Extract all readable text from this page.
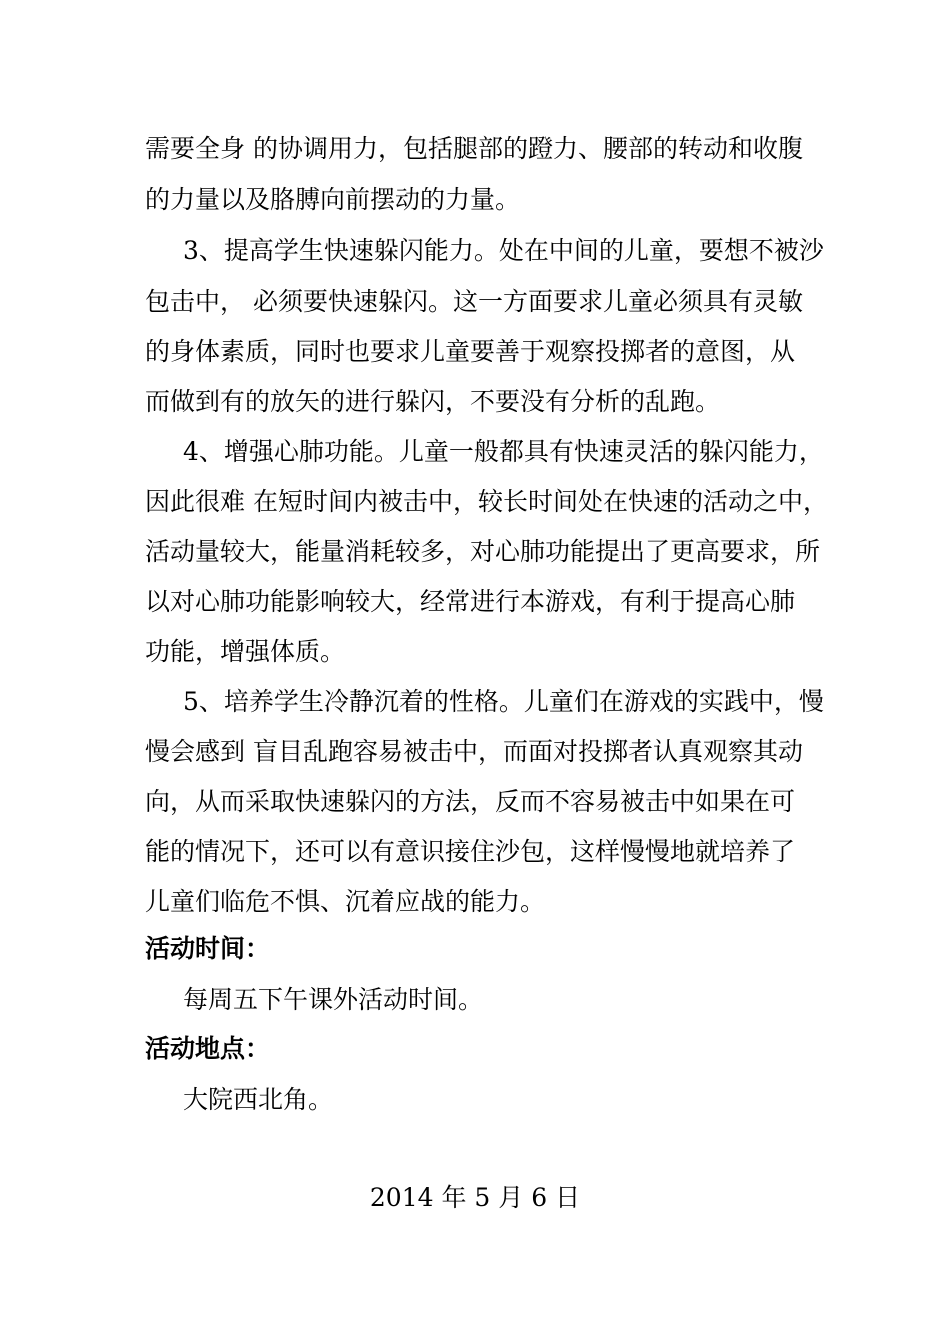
需要全身 的协调用力，包括腿部的蹬力、腰部的转动和收腹
的力量以及胳膊向前摆动的力量。
3、提高学生快速躲闪能力。处在中间的儿童，要想不被沙
包击中， 必须要快速躲闪。这一方面要求儿童必须具有灵敏
的身体素质，同时也要求儿童要善于观察投掷者的意图，从
而做到有的放矢的进行躲闪，不要没有分析的乱跑。
4、增强心肺功能。儿童一般都具有快速灵活的躲闪能力，
因此很难 在短时间内被击中，较长时间处在快速的活动之中，
活动量较大，能量消耗较多，对心肺功能提出了更高要求，所
以对心肺功能影响较大，经常进行本游戏，有利于提高心肺
功能，增强体质。
5、培养学生冷静沉着的性格。儿童们在游戏的实践中，慢
慢会感到 盲目乱跑容易被击中，而面对投掷者认真观察其动
向，从而采取快速躲闪的方法，反而不容易被击中如果在可
能的情况下，还可以有意识接住沙包，这样慢慢地就培养了
儿童们临危不惧、沉着应战的能力。
活动时间：
每周五下午课外活动时间。
活动地点：
大院西北角。
2014 年 5 月 6 日
